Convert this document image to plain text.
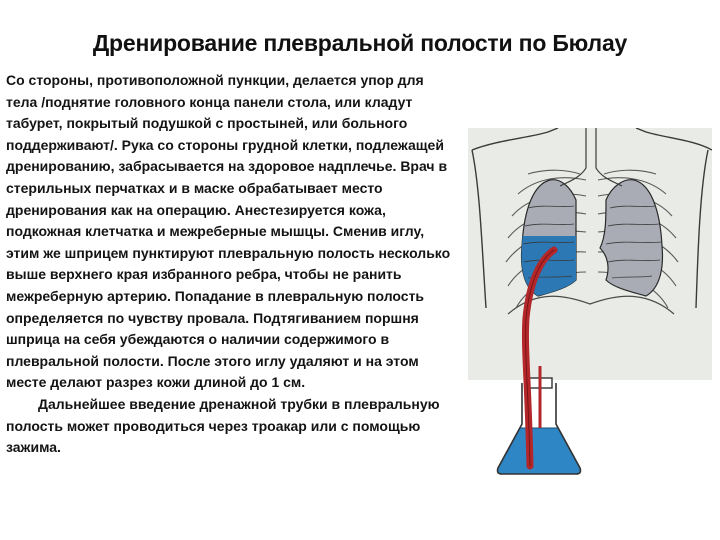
Дренирование плевральной полости по Бюлау

Со стороны, противоположной пункции, делается упор для тела /поднятие головного конца панели стола, или кладут табурет, покрытый подушкой с простыней, или больного поддерживают/. Рука со стороны грудной клетки, подлежащей дренированию, забрасывается на здоровое надплечье. Врач в стерильных перчатках и в маске обрабатывает место дренирования как на операцию. Анестезируется кожа, подкожная клетчатка и межреберные мышцы. Сменив иглу, этим же шприцем пунктируют плевральную полость несколько выше верхнего края избранного ребра, чтобы не ранить межреберную артерию. Попадание в плевральную полость определяется по чувству провала. Подтягиванием поршня шприца на себя убеждаются о наличии содержимого в плевральной полости. После этого иглу удаляют и на этом месте делают разрез кожи длиной до 1 см.

Дальнейшее введение дренажной трубки в плевральную полость может проводиться через троакар или с помощью зажима.
